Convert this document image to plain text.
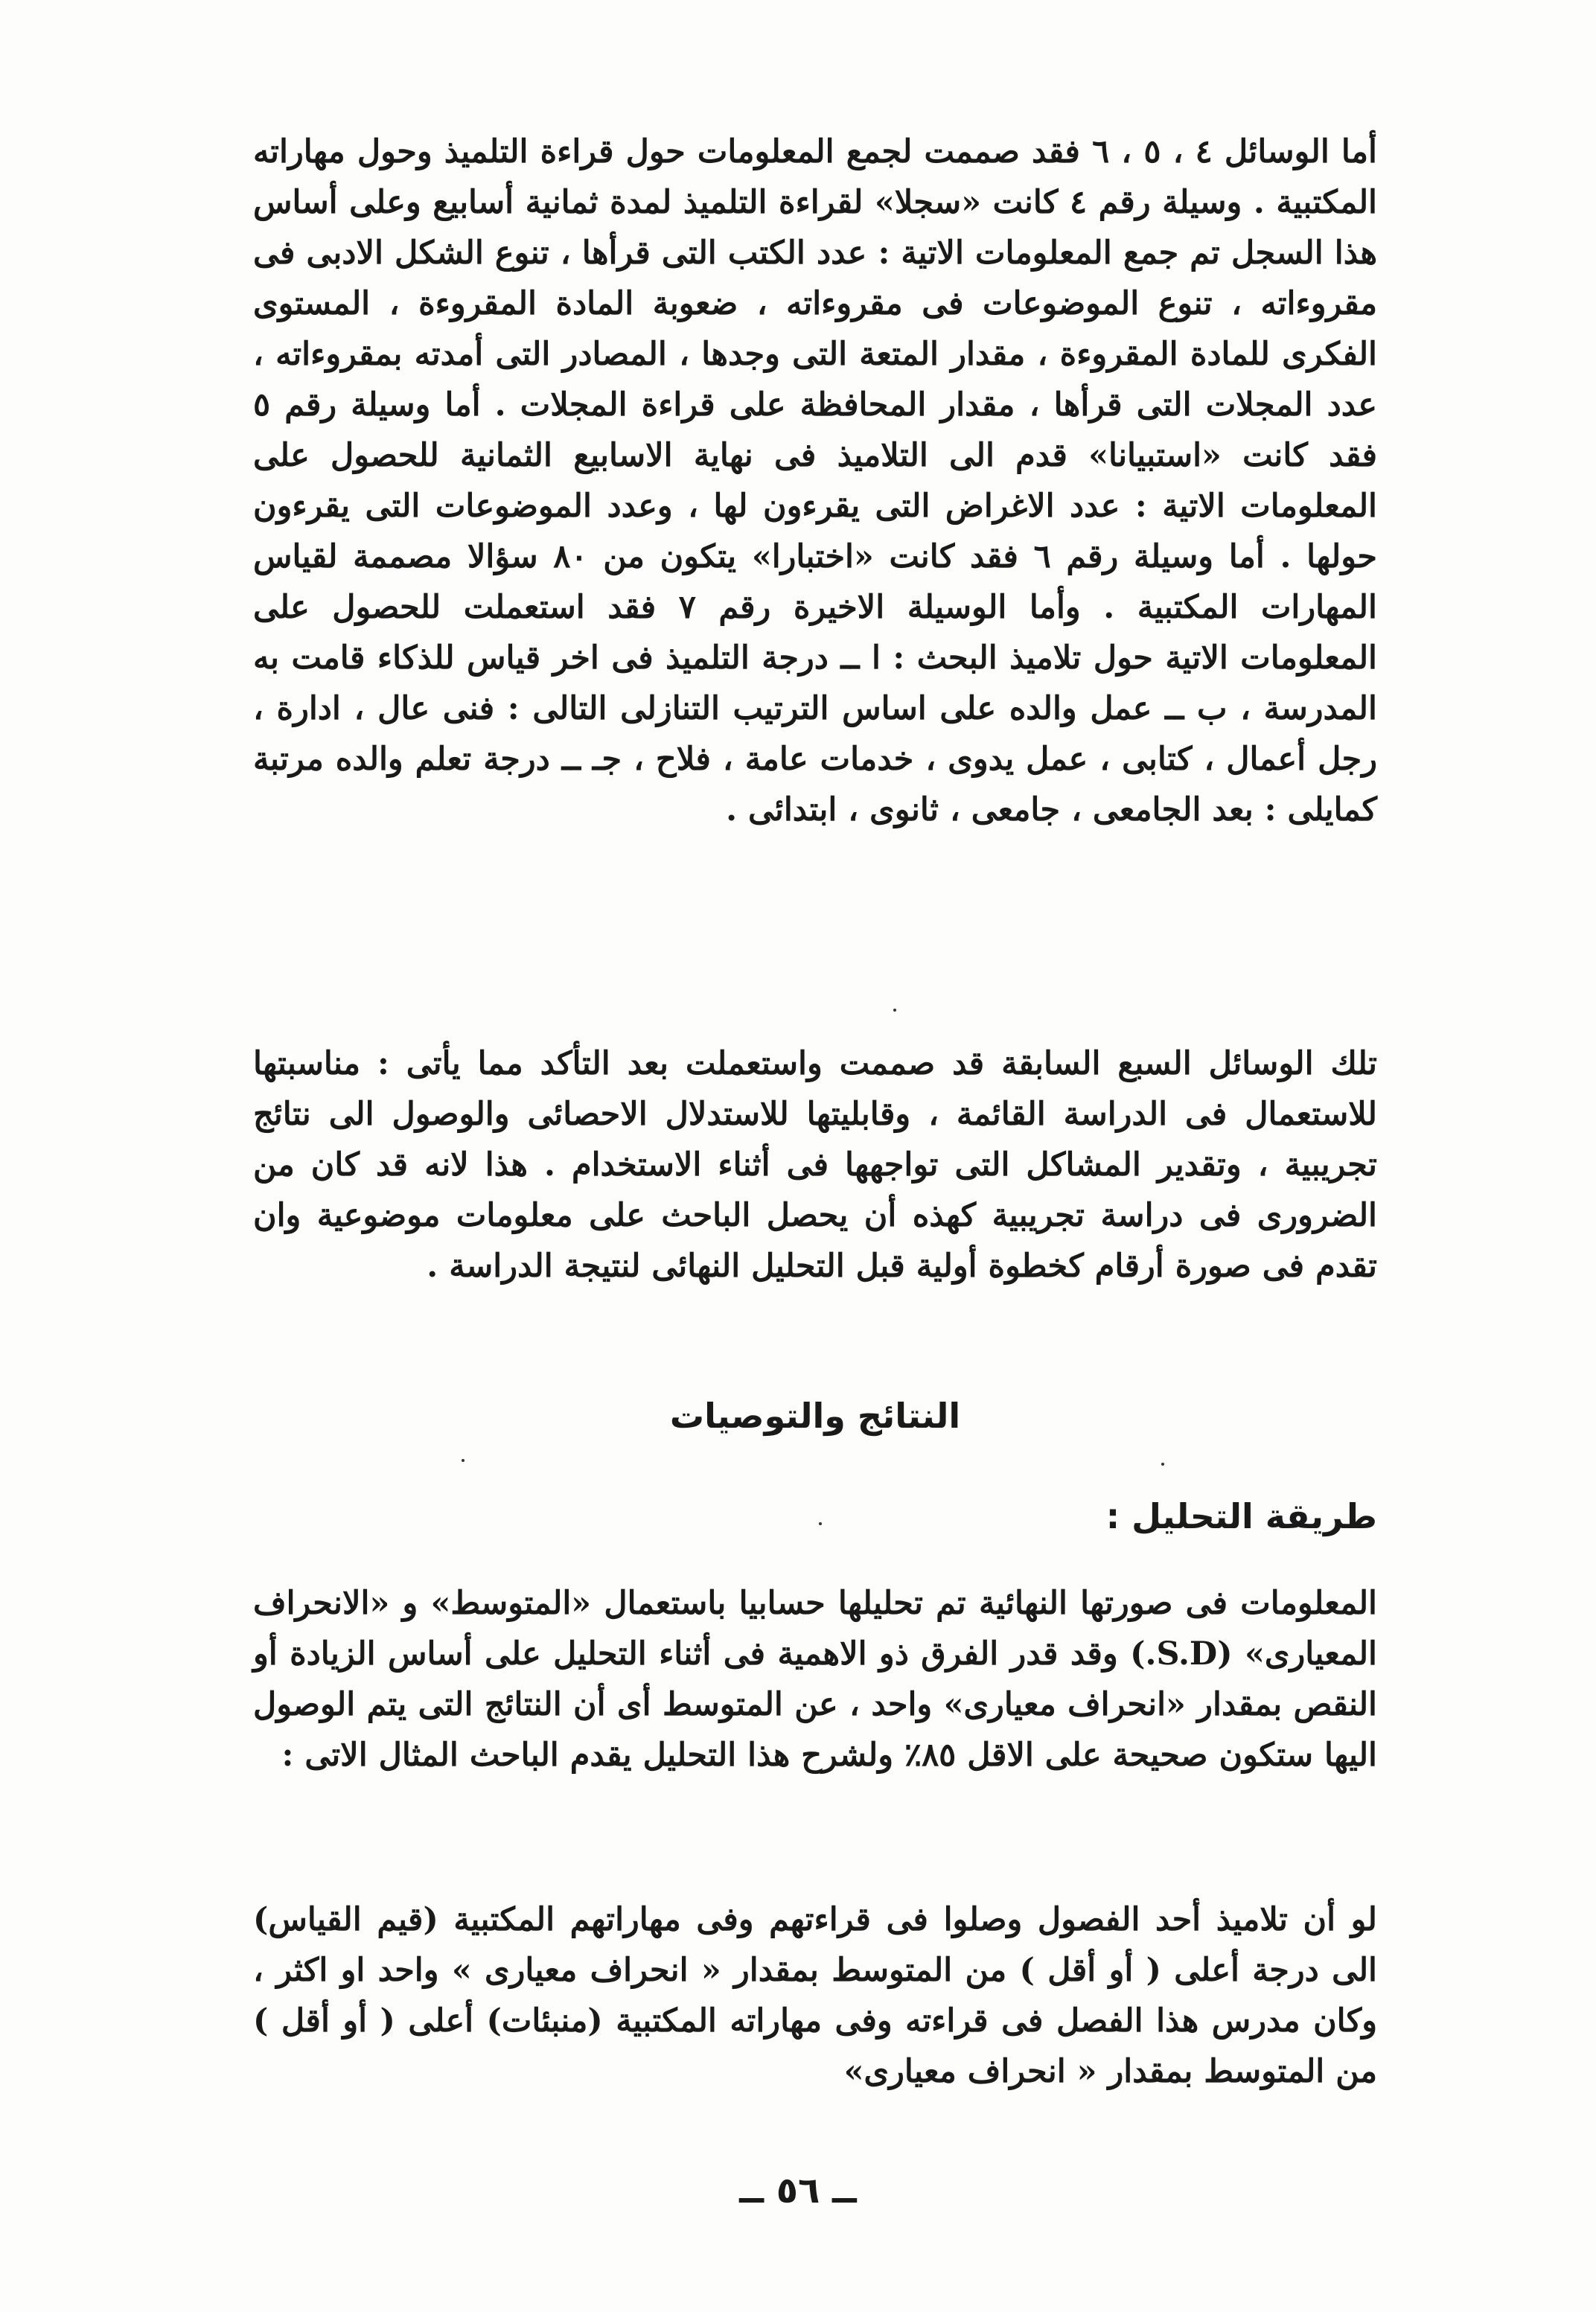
أما الوسائل ٤ ، ٥ ، ٦ فقد صممت لجمع المعلومات حول قراءة التلميذ وحول مهاراته المكتبية . وسيلة رقم ٤ كانت «سجلا» لقراءة التلميذ لمدة ثمانية أسابيع وعلى أساس هذا السجل تم جمع المعلومات الاتية : عدد الكتب التى قرأها ، تنوع الشكل الادبى فى مقروءاته ، تنوع الموضوعات فى مقروءاته ، ضعوبة المادة المقروءة ، المستوى الفكرى للمادة المقروءة ، مقدار المتعة التى وجدها ، المصادر التى أمدته بمقروءاته ، عدد المجلات التى قرأها ، مقدار المحافظة على قراءة المجلات . أما وسيلة رقم ٥ فقد كانت «استبيانا» قدم الى التلاميذ فى نهاية الاسابيع الثمانية للحصول على المعلومات الاتية : عدد الاغراض التى يقرءون لها ، وعدد الموضوعات التى يقرءون حولها . أما وسيلة رقم ٦ فقد كانت «اختبارا» يتكون من ٨٠ سؤالا مصممة لقياس المهارات المكتبية . وأما الوسيلة الاخيرة رقم ٧ فقد استعملت للحصول على المعلومات الاتية حول تلاميذ البحث : ا ــ درجة التلميذ فى اخر قياس للذكاء قامت به المدرسة ، ب ــ عمل والده على اساس الترتيب التنازلى التالى : فنى عال ، ادارة ، رجل أعمال ، كتابى ، عمل يدوى ، خدمات عامة ، فلاح ، جـ ــ درجة تعلم والده مرتبة كمايلى : بعد الجامعى ، جامعى ، ثانوى ، ابتدائى .
تلك الوسائل السبع السابقة قد صممت واستعملت بعد التأكد مما يأتى : مناسبتها للاستعمال فى الدراسة القائمة ، وقابليتها للاستدلال الاحصائى والوصول الى نتائج تجريبية ، وتقدير المشاكل التى تواجهها فى أثناء الاستخدام . هذا لانه قد كان من الضرورى فى دراسة تجريبية كهذه أن يحصل الباحث على معلومات موضوعية وان تقدم فى صورة أرقام كخطوة أولية قبل التحليل النهائى لنتيجة الدراسة .
النتائج والتوصيات
طريقة التحليل :
المعلومات فى صورتها النهائية تم تحليلها حسابيا باستعمال «المتوسط» و «الانحراف المعيارى» (S.D.) وقد قدر الفرق ذو الاهمية فى أثناء التحليل على أساس الزيادة أو النقص بمقدار «انحراف معيارى» واحد ، عن المتوسط أى أن النتائج التى يتم الوصول اليها ستكون صحيحة على الاقل ٨٥٪ ولشرح هذا التحليل يقدم الباحث المثال الاتى :
لو أن تلاميذ أحد الفصول وصلوا فى قراءتهم وفى مهاراتهم المكتبية (قيم القياس) الى درجة أعلى ( أو أقل ) من المتوسط بمقدار « انحراف معيارى » واحد او اكثر ، وكان مدرس هذا الفصل فى قراءته وفى مهاراته المكتبية (منبئات) أعلى ( أو أقل ) من المتوسط بمقدار « انحراف معيارى»
ــ ٥٦ ــ
